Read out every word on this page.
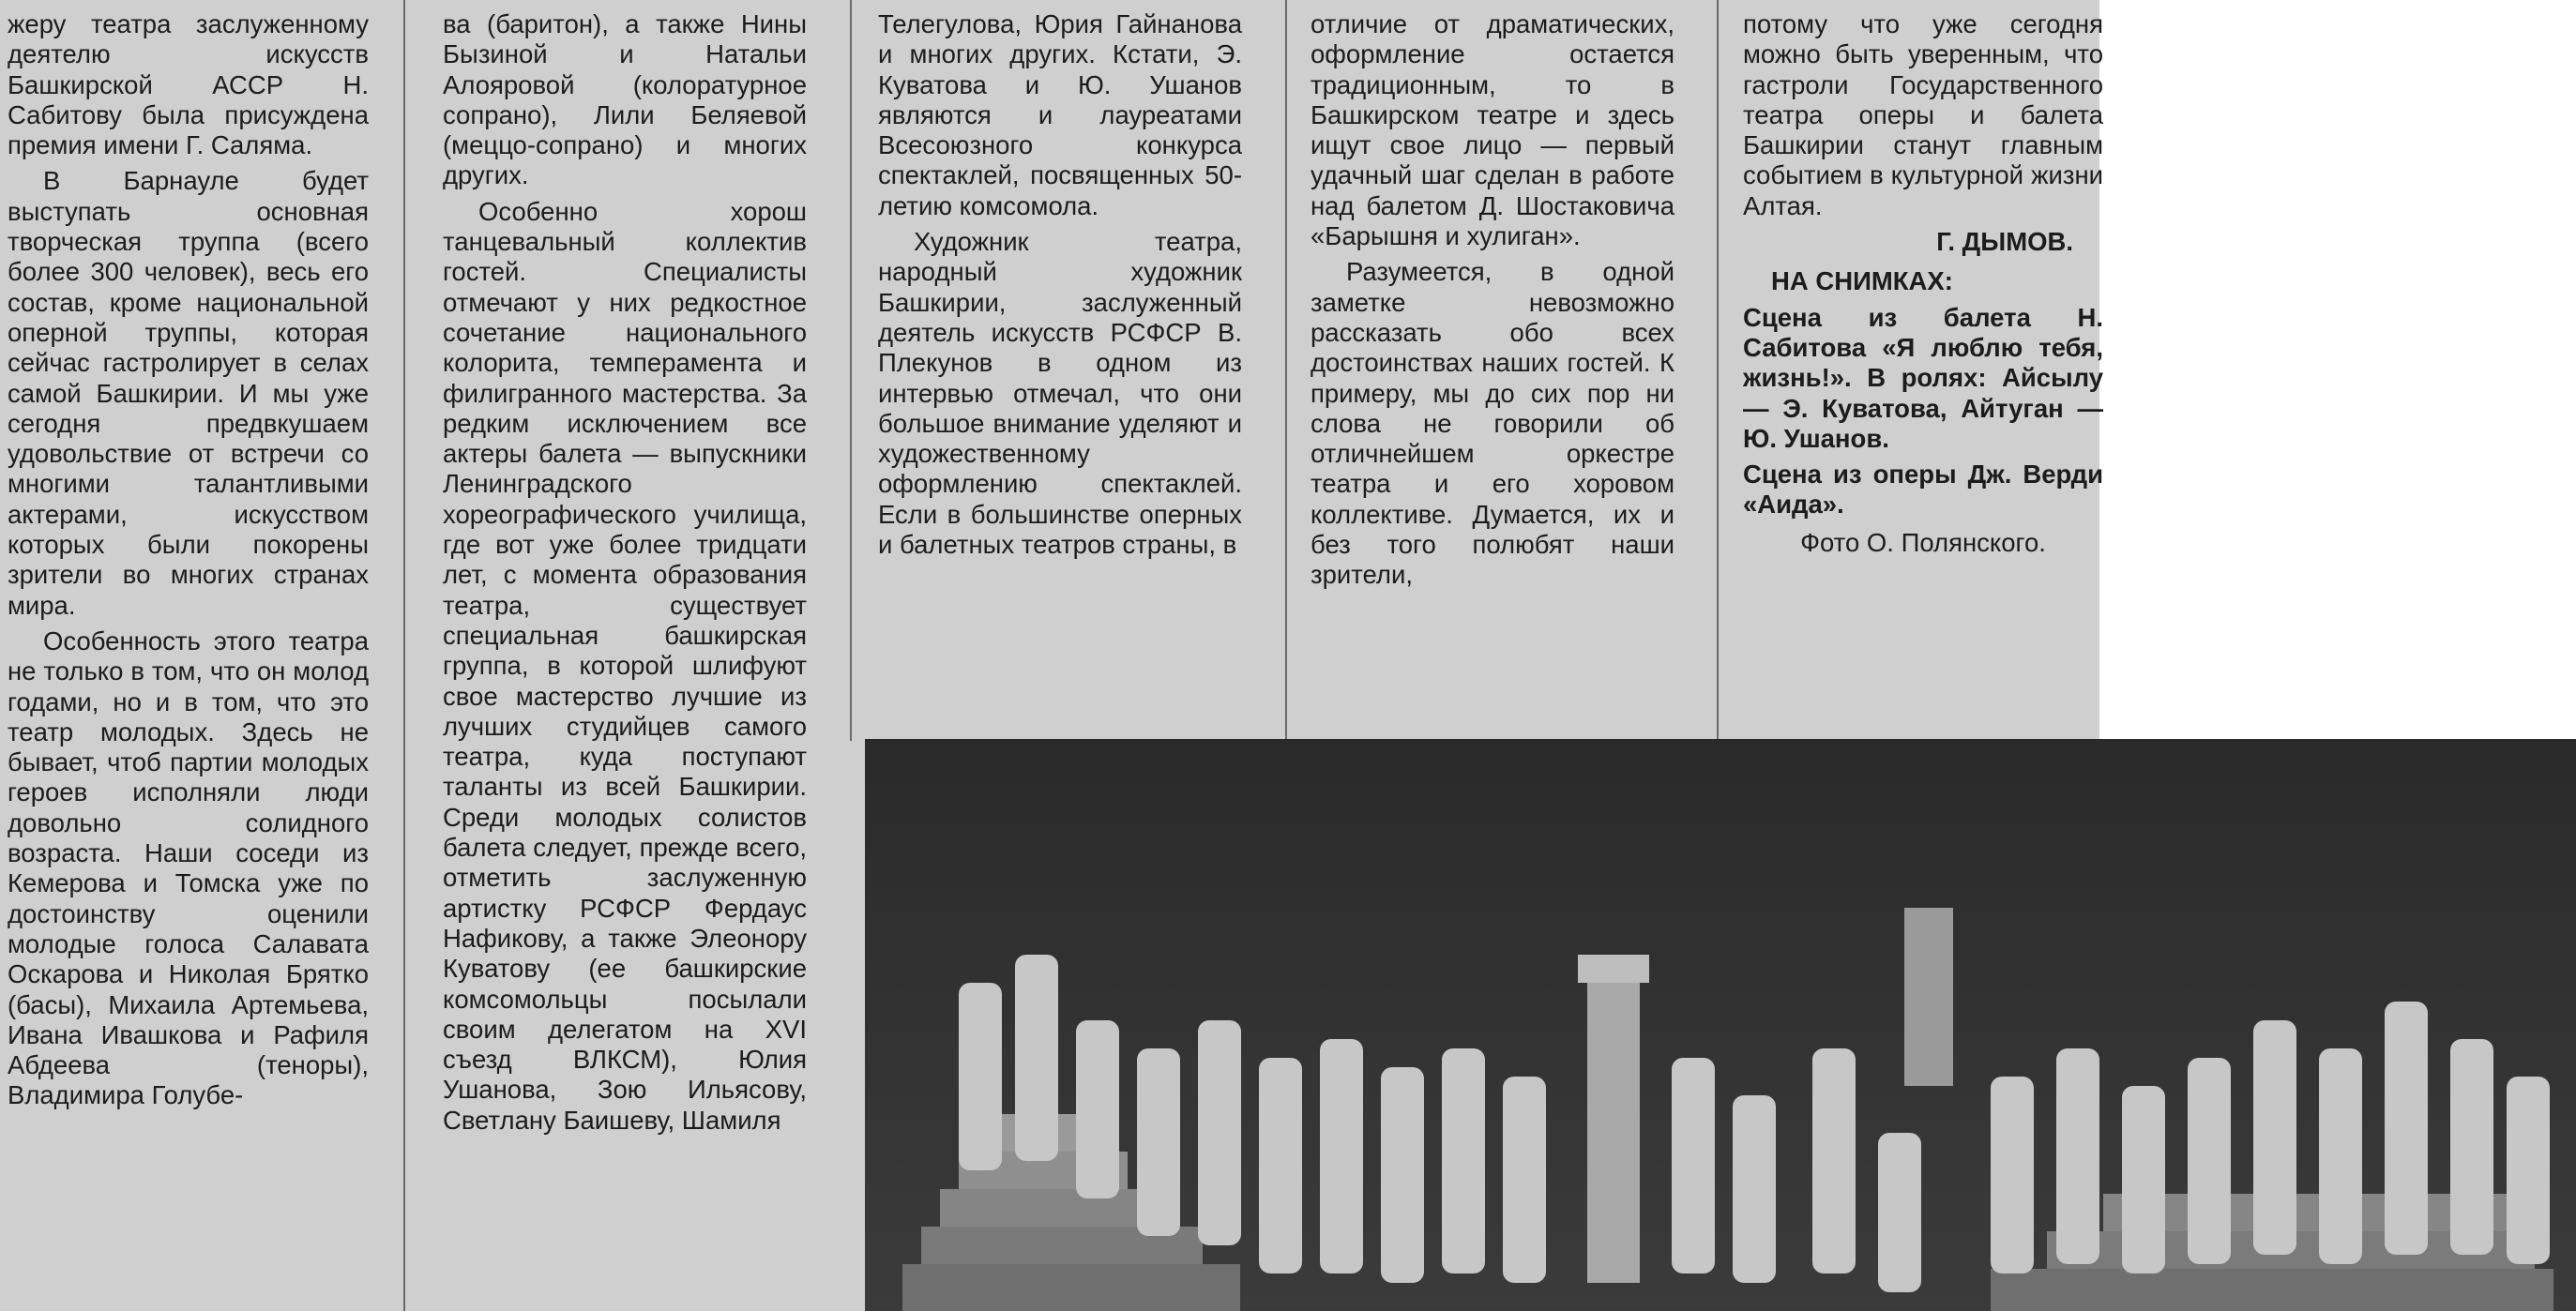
жеру театра заслуженному деятелю искусств Башкирской АССР Н. Сабитову была присуждена премия имени Г. Саляма.

В Барнауле будет выступать основная творческая труппа (всего более 300 человек), весь его состав, кроме национальной оперной труппы, которая сейчас гастролирует в селах самой Башкирии. И мы уже сегодня предвкушаем удовольствие от встречи со многими талантливыми актерами, искусством которых были покорены зрители во многих странах мира.

Особенность этого театра не только в том, что он молод годами, но и в том, что это театр молодых. Здесь не бывает, чтоб партии молодых героев исполняли люди довольно солидного возраста. Наши соседи из Кемерова и Томска уже по достоинству оценили молодые голоса Салавата Оскарова и Николая Брятко (басы), Михаила Артемьева, Ивана Ивашкова и Рафиля Абдеева (теноры), Владимира Голубе-

ва (баритон), а также Нины Бызиной и Натальи Алояровой (колоратурное сопрано), Лили Беляевой (меццо-сопрано) и многих других.

Особенно хорош танцевальный коллектив гостей. Специалисты отмечают у них редкостное сочетание национального колорита, темперамента и филигранного мастерства. За редким исключением все актеры балета — выпускники Ленинградского хореографического училища, где вот уже более тридцати лет, с момента образования театра, существует специальная башкирская группа, в которой шлифуют свое мастерство лучшие из лучших студийцев самого театра, куда поступают таланты из всей Башкирии. Среди молодых солистов балета следует, прежде всего, отметить заслуженную артистку РСФСР Фердаус Нафикову, а также Элеонору Куватову (ее башкирские комсомольцы посылали своим делегатом на XVI съезд ВЛКСМ), Юлия Ушанова, Зою Ильясову, Светлану Баишеву, Шамиля

Телегулова, Юрия Гайнанова и многих других. Кстати, Э. Куватова и Ю. Ушанов являются и лауреатами Всесоюзного конкурса спектаклей, посвященных 50-летию комсомола.

Художник театра, народный художник Башкирии, заслуженный деятель искусств РСФСР В. Плекунов в одном из интервью отмечал, что они большое внимание уделяют и художественному оформлению спектаклей. Если в большинстве оперных и балетных театров страны, в

отличие от драматических, оформление остается традиционным, то в Башкирском театре и здесь ищут свое лицо — первый удачный шаг сделан в работе над балетом Д. Шостаковича «Барышня и хулиган».

Разумеется, в одной заметке невозможно рассказать обо всех достоинствах наших гостей. К примеру, мы до сих пор ни слова не говорили об отличнейшем оркестре театра и его хоровом коллективе. Думается, их и без того полюбят наши зрители,

потому что уже сегодня можно быть уверенным, что гастроли Государственного театра оперы и балета Башкирии станут главным событием в культурной жизни Алтая.

Г. ДЫМОВ.
НА СНИМКАХ:
Сцена из балета Н. Сабитова «Я люблю тебя, жизнь!». В ролях: Айсылу — Э. Куватова, Айтуган — Ю. Ушанов.
Сцена из оперы Дж. Верди «Аида».
Фото О. Полянского.
